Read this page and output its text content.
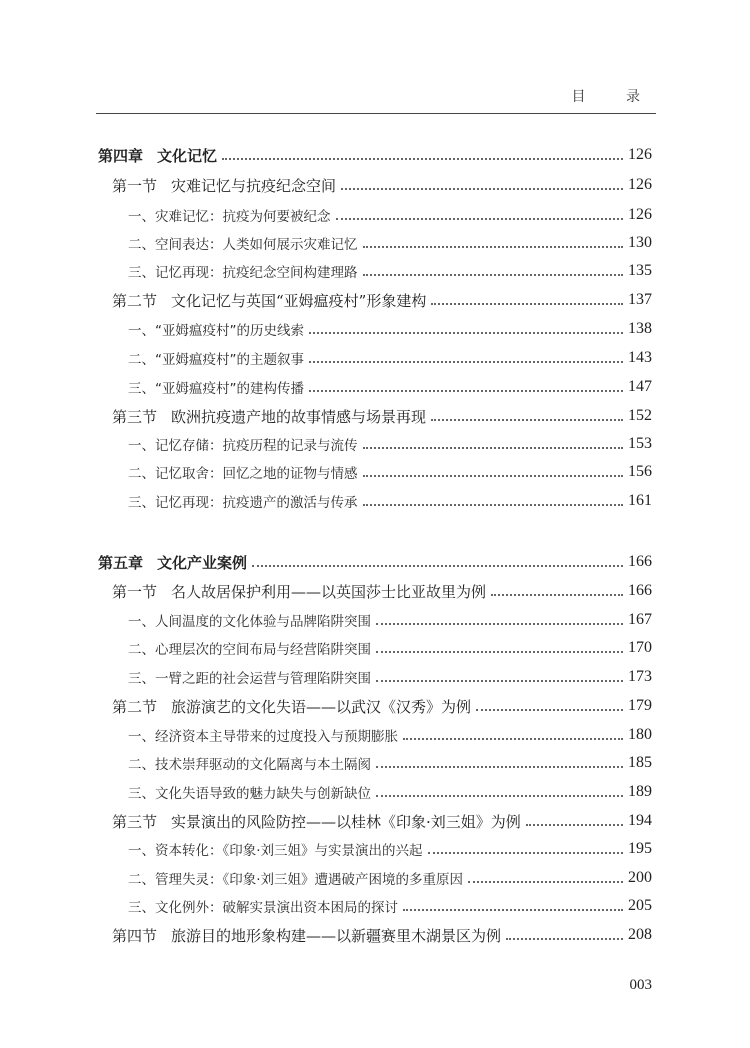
目 录
第四章 文化记忆	126
第一节 灾难记忆与抗疫纪念空间	126
一、灾难记忆：抗疫为何要被纪念	126
二、空间表达：人类如何展示灾难记忆	130
三、记忆再现：抗疫纪念空间构建理路	135
第二节 文化记忆与英国“亚姆瘟疫村”形象建构	137
一、“亚姆瘟疫村”的历史线索	138
二、“亚姆瘟疫村”的主题叙事	143
三、“亚姆瘟疫村”的建构传播	147
第三节 欧洲抗疫遗产地的故事情感与场景再现	152
一、记忆存储：抗疫历程的记录与流传	153
二、记忆取舍：回忆之地的证物与情感	156
三、记忆再现：抗疫遗产的激活与传承	161
第五章 文化产业案例	166
第一节 名人故居保护利用——以英国莎士比亚故里为例	166
一、人间温度的文化体验与品牌陷阱突围	167
二、心理层次的空间布局与经营陷阱突围	170
三、一臂之距的社会运营与管理陷阱突围	173
第二节 旅游演艺的文化失语——以武汉《汉秀》为例	179
一、经济资本主导带来的过度投入与预期膨胀	180
二、技术崇拜驱动的文化隔离与本土隔阂	185
三、文化失语导致的魅力缺失与创新缺位	189
第三节 实景演出的风险防控——以桂林《印象·刘三姐》为例	194
一、资本转化：《印象·刘三姐》与实景演出的兴起	195
二、管理失灵：《印象·刘三姐》遭遇破产困境的多重原因	200
三、文化例外：破解实景演出资本困局的探讨	205
第四节 旅游目的地形象构建——以新疆赛里木湖景区为例	208
003
